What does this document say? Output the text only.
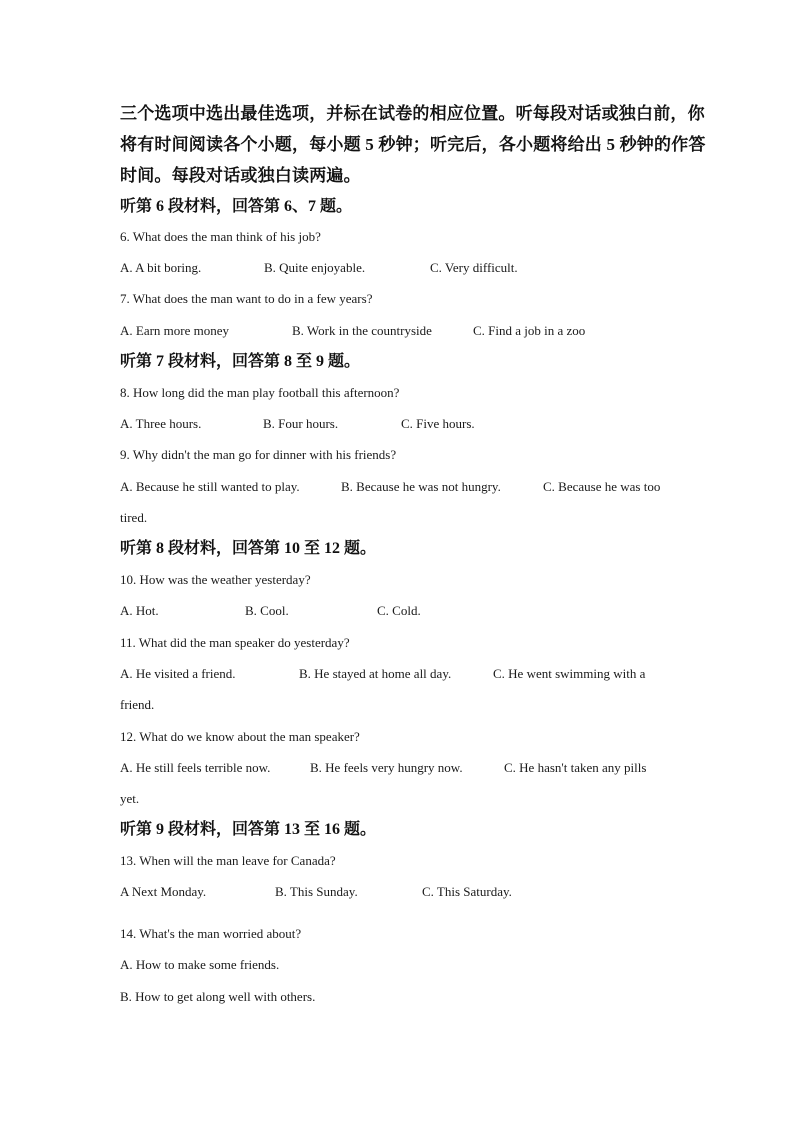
三个选项中选出最佳选项，并标在试卷的相应位置。听每段对话或独白前，你

将有时间阅读各个小题，每小题 5 秒钟；听完后，各小题将给出 5 秒钟的作答

时间。每段对话或独白读两遍。

听第 6 段材料，回答第 6、7 题。
6. What does the man think of his job?
A. A bit boring.	B. Quite enjoyable.	C. Very difficult.
7. What does the man want to do in a few years?
A. Earn more money	B. Work in the countryside	C. Find a job in a zoo
听第 7 段材料，回答第 8 至 9 题。
8. How long did the man play football this afternoon?
A. Three hours.	B. Four hours.	C. Five hours.
9. Why didn't the man go for dinner with his friends?
A. Because he still wanted to play.	B. Because he was not hungry.	C. Because he was too
tired.
听第 8 段材料，回答第 10 至 12 题。
10. How was the weather yesterday?
A. Hot.	B. Cool.	C. Cold.
11. What did the man speaker do yesterday?
A. He visited a friend.	B. He stayed at home all day.	C. He went swimming with a
friend.
12. What do we know about the man speaker?
A. He still feels terrible now.	B. He feels very hungry now.	C. He hasn't taken any pills
yet.
听第 9 段材料，回答第 13 至 16 题。
13. When will the man leave for Canada?
A Next Monday.	B. This Sunday.	C. This Saturday.
14. What's the man worried about?
A. How to make some friends.
B. How to get along well with others.
